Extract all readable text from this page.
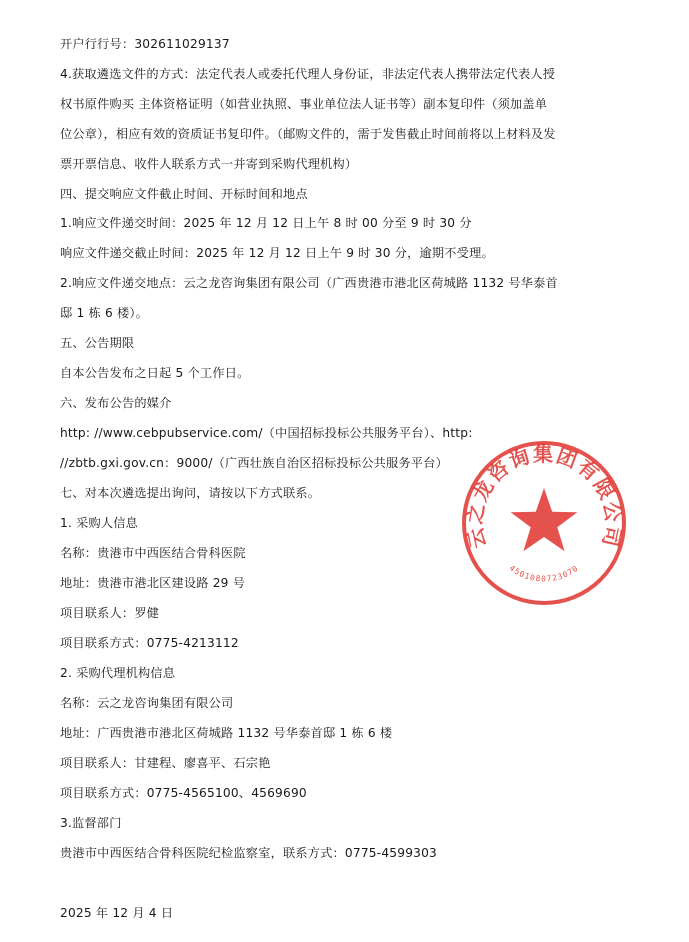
开户行行号：302611029137
4.获取遴选文件的方式：法定代表人或委托代理人身份证，非法定代表人携带法定代表人授
权书原件购买 主体资格证明（如营业执照、事业单位法人证书等）副本复印件（须加盖单
位公章），相应有效的资质证书复印件。（邮购文件的，需于发售截止时间前将以上材料及发
票开票信息、收件人联系方式一并寄到采购代理机构）
四、提交响应文件截止时间、开标时间和地点
1.响应文件递交时间：2025 年 12 月 12 日上午 8 时 00 分至 9 时 30 分
响应文件递交截止时间：2025 年 12 月 12 日上午 9 时 30 分，逾期不受理。
2.响应文件递交地点：云之龙咨询集团有限公司（广西贵港市港北区荷城路 1132 号华泰首
邸 1 栋 6 楼）。
五、公告期限
自本公告发布之日起 5 个工作日。
六、发布公告的媒介
http: //www.cebpubservice.com/（中国招标投标公共服务平台）、http:
//zbtb.gxi.gov.cn：9000/（广西壮族自治区招标投标公共服务平台）
七、对本次遴选提出询问，请按以下方式联系。
1. 采购人信息
名称：贵港市中西医结合骨科医院
地址：贵港市港北区建设路 29 号
项目联系人：罗健
项目联系方式：0775-4213112
2. 采购代理机构信息
名称：云之龙咨询集团有限公司
地址：广西贵港市港北区荷城路 1132 号华泰首邸 1 栋 6 楼
项目联系人：甘建程、廖喜平、石宗艳
项目联系方式：0775-4565100、4569690
3.监督部门
贵港市中西医结合骨科医院纪检监察室，联系方式：0775-4599303
2025 年 12 月 4 日
云之龙咨询集团有限公司
4501080723070
